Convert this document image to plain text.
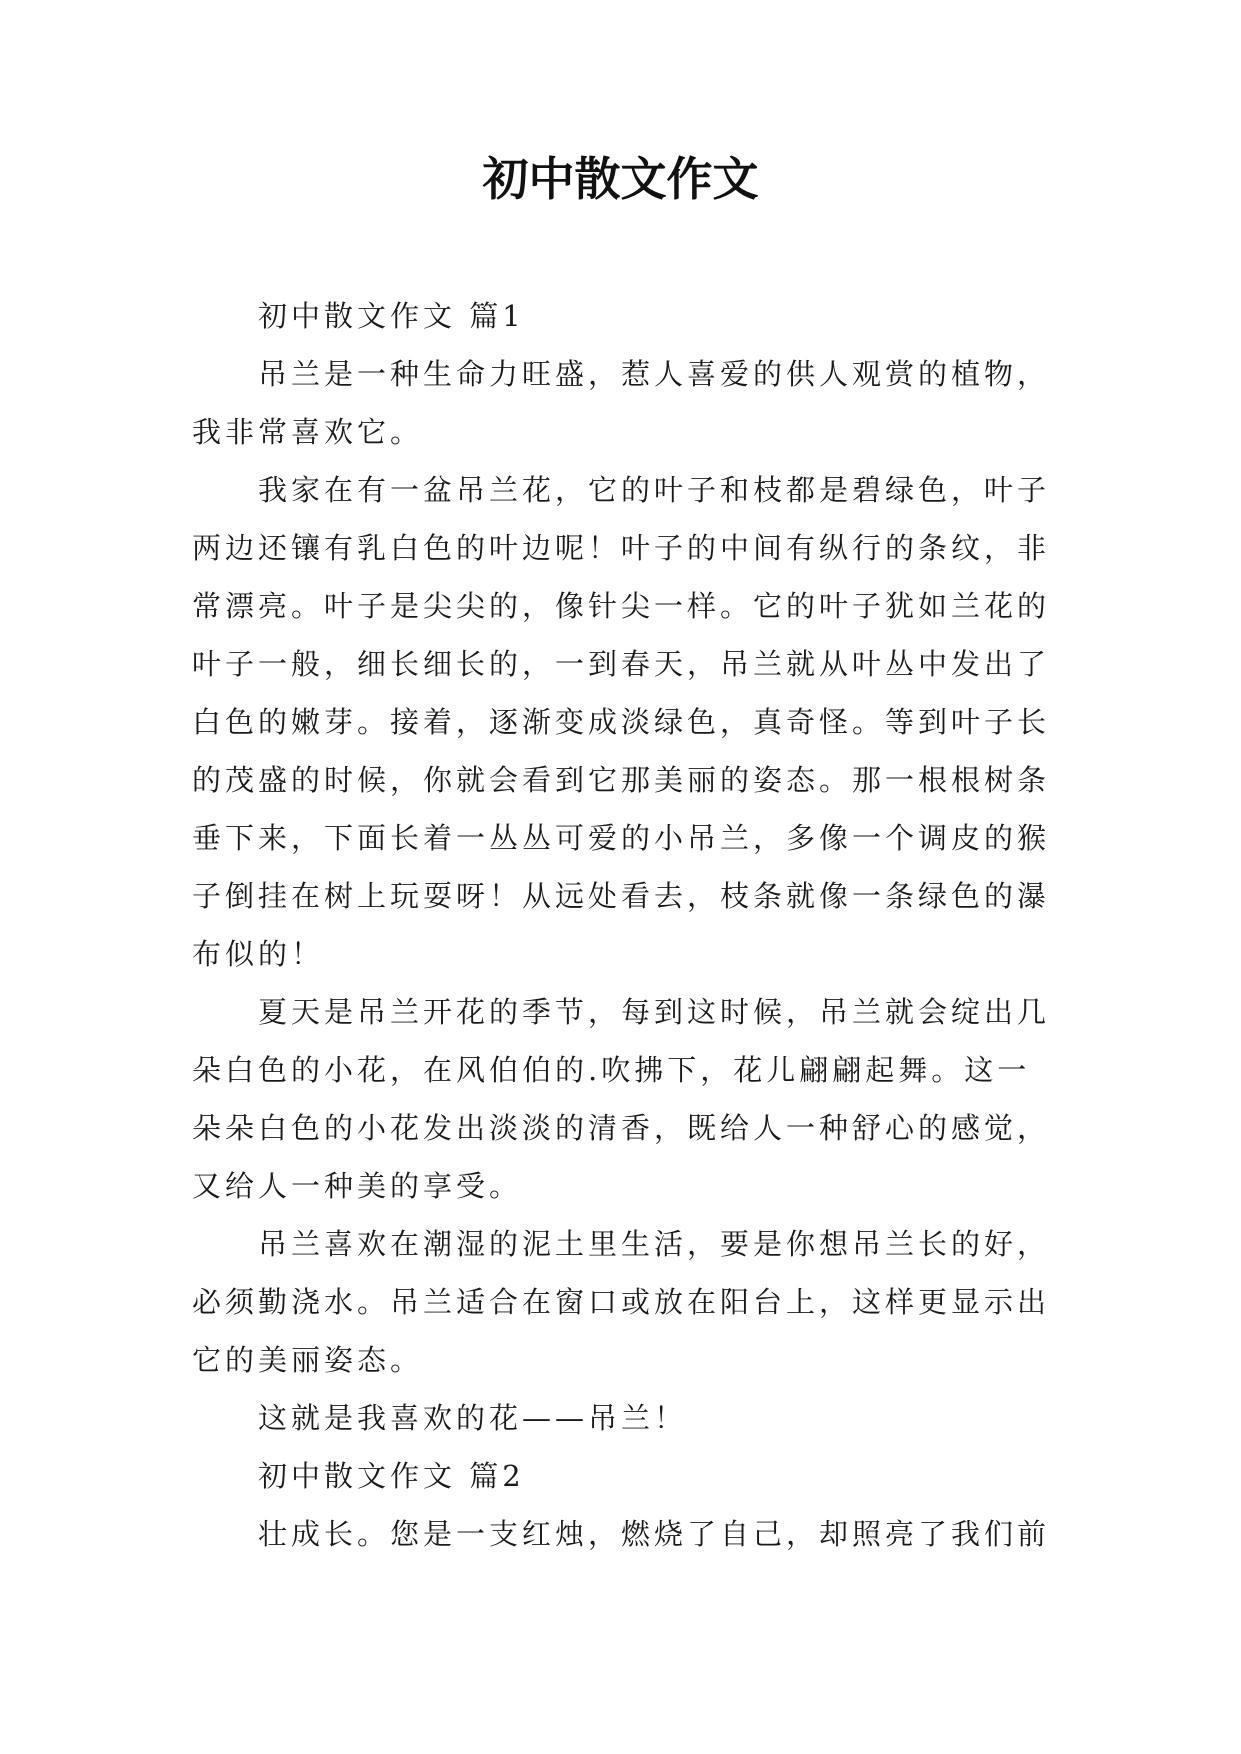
初中散文作文
初中散文作文 篇1
吊兰是一种生命力旺盛，惹人喜爱的供人观赏的植物，
我非常喜欢它。
我家在有一盆吊兰花，它的叶子和枝都是碧绿色，叶子
两边还镶有乳白色的叶边呢！叶子的中间有纵行的条纹，非
常漂亮。叶子是尖尖的，像针尖一样。它的叶子犹如兰花的
叶子一般，细长细长的，一到春天，吊兰就从叶丛中发出了
白色的嫩芽。接着，逐渐变成淡绿色，真奇怪。等到叶子长
的茂盛的时候，你就会看到它那美丽的姿态。那一根根树条
垂下来，下面长着一丛丛可爱的小吊兰，多像一个调皮的猴
子倒挂在树上玩耍呀！从远处看去，枝条就像一条绿色的瀑
布似的！
夏天是吊兰开花的季节，每到这时候，吊兰就会绽出几
朵白色的小花，在风伯伯的.吹拂下，花儿翩翩起舞。这一
朵朵白色的小花发出淡淡的清香，既给人一种舒心的感觉，
又给人一种美的享受。
吊兰喜欢在潮湿的泥土里生活，要是你想吊兰长的好，
必须勤浇水。吊兰适合在窗口或放在阳台上，这样更显示出
它的美丽姿态。
这就是我喜欢的花——吊兰！
初中散文作文 篇2
壮成长。您是一支红烛，燃烧了自己，却照亮了我们前
